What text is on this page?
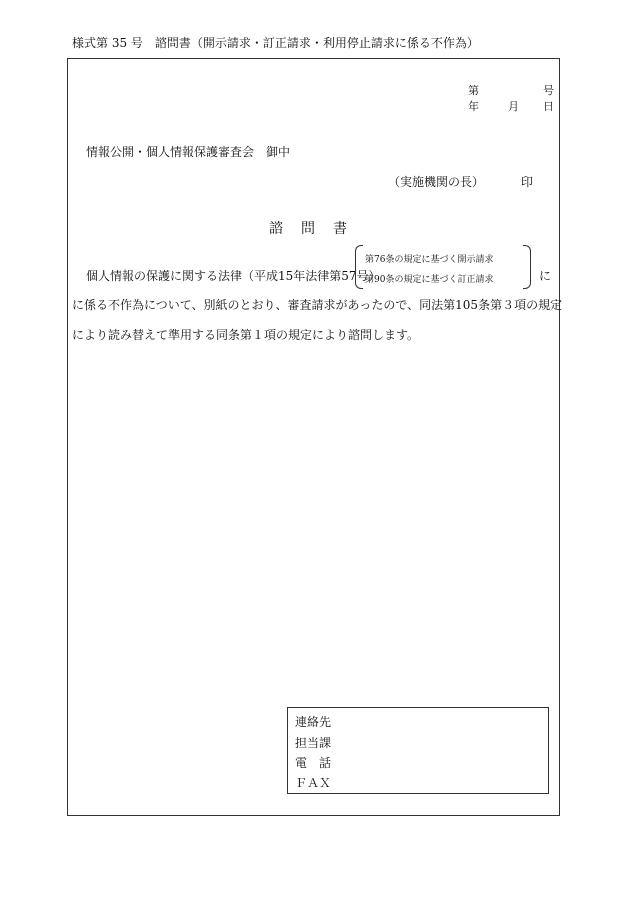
様式第 35 号　諮問書（開示請求・訂正請求・利用停止請求に係る不作為）
第	号
年	月 日
情報公開・個人情報保護審査会　御中
（実施機関の長）	印
諮問書
個人情報の保護に関する法律（平成15年法律第57号）
第76条の規定に基づく開示請求
第90条の規定に基づく訂正請求	に
に係る不作為について、別紙のとおり、審査請求があったので、同法第105条第３項の規定
により読み替えて準用する同条第１項の規定により諮問します。
連絡先
担当課
電　話
ＦＡＸ
